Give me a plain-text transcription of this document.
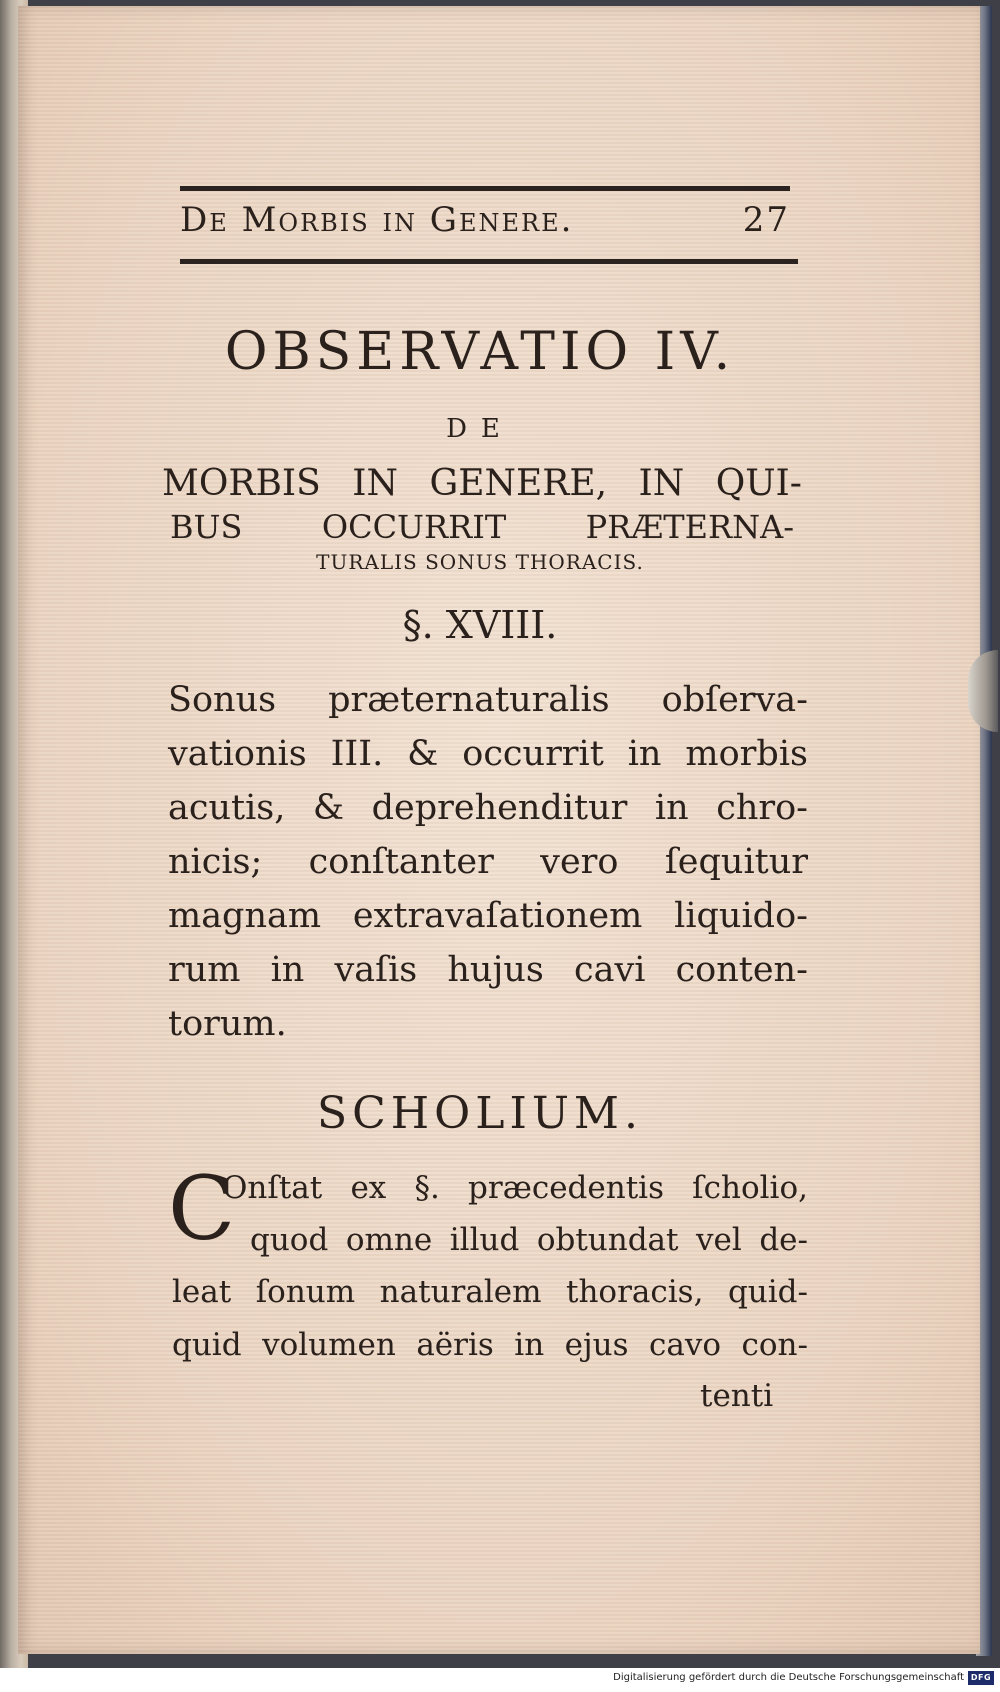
De Morbis in Genere.	27
OBSERVATIO IV.
DE
MORBIS IN GENERE, IN QUI-
BUS OCCURRIT PRÆTERNA-
TURALIS SONUS THORACIS.
§. XVIII.
Sonus præternaturalis obſerva-
vationis III. & occurrit in morbis
acutis, & deprehenditur in chro-
nicis; conſtanter vero ſequitur
magnam extravaſationem liquido-
rum in vaſis hujus cavi conten-
torum.
SCHOLIUM.
C
Onſtat ex §. præcedentis ſcholio,
quod omne illud obtundat vel de-
leat ſonum naturalem thoracis, quid-
quid volumen aëris in ejus cavo con-
tenti
Digitalisierung gefördert durch die Deutsche Forschungsgemeinschaft DFG
